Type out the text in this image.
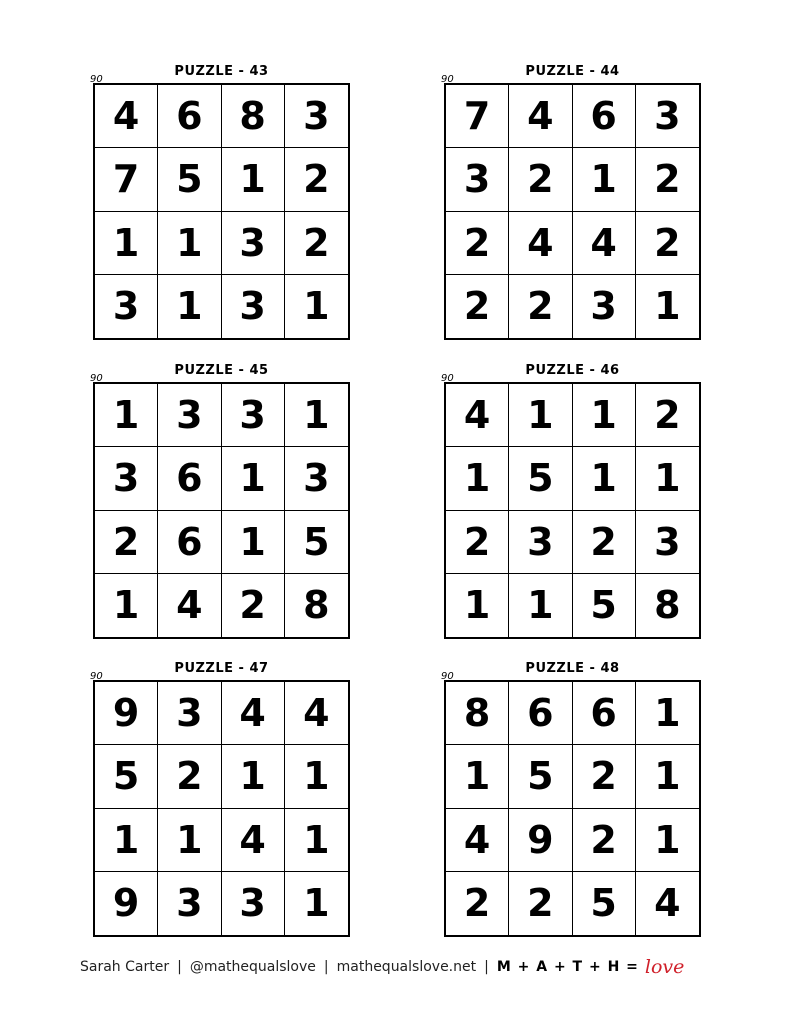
PUZZLE - 43
90
4 6 8 3
7 5 1 2
1 1 3 2
3 1 3 1
PUZZLE - 44
90
7 4 6 3
3 2 1 2
2 4 4 2
2 2 3 1
PUZZLE - 45
90
1 3 3 1
3 6 1 3
2 6 1 5
1 4 2 8
PUZZLE - 46
90
4 1 1 2
1 5 1 1
2 3 2 3
1 1 5 8
PUZZLE - 47
90
9 3 4 4
5 2 1 1
1 1 4 1
9 3 3 1
PUZZLE - 48
90
8 6 6 1
1 5 2 1
4 9 2 1
2 2 5 4
Sarah Carter | @mathequalslove | mathequalslove.net | M + A + T + H = love
